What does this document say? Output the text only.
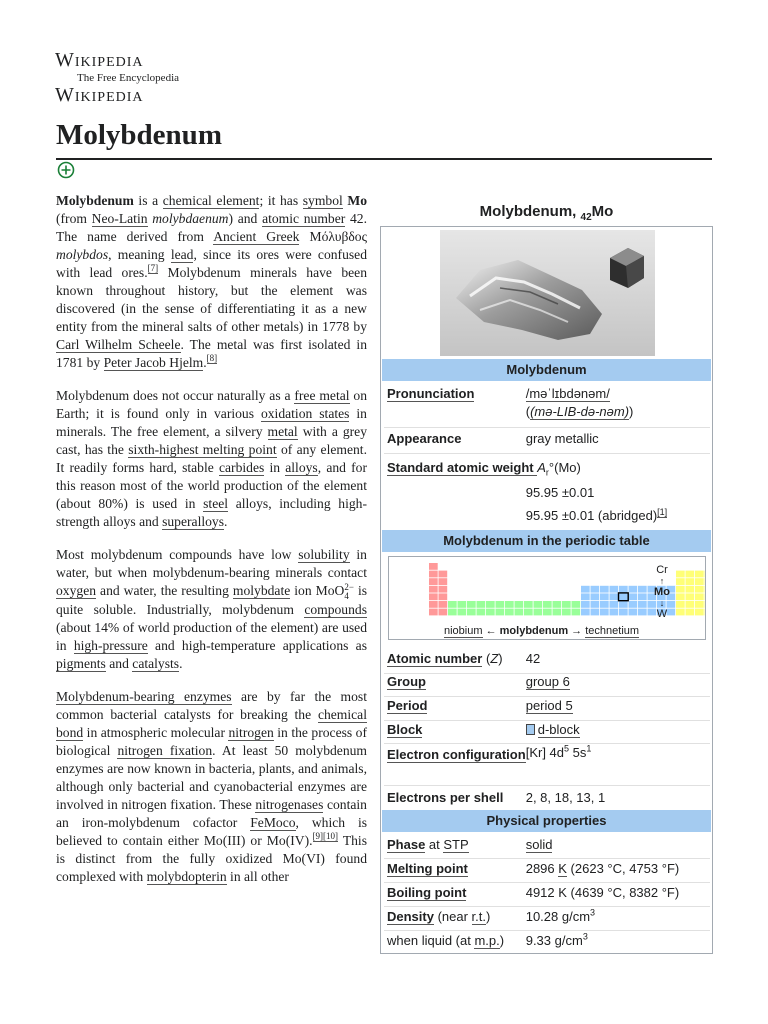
Wikipedia
The Free Encyclopedia
Wikipedia
Molybdenum

Molybdenum is a chemical element; it has symbol Mo (from Neo-Latin molybdaenum) and atomic number 42. The name derived from Ancient Greek Μόλυβδος molybdos, meaning lead, since its ores were confused with lead ores.[7] Molybdenum minerals have been known throughout history, but the element was discovered (in the sense of differentiating it as a new entity from the mineral salts of other metals) in 1778 by Carl Wilhelm Scheele. The metal was first isolated in 1781 by Peter Jacob Hjelm.[8]

Molybdenum does not occur naturally as a free metal on Earth; it is found only in various oxidation states in minerals. The free element, a silvery metal with a grey cast, has the sixth-highest melting point of any element. It readily forms hard, stable carbides in alloys, and for this reason most of the world production of the element (about 80%) is used in steel alloys, including high-strength alloys and superalloys.

Most molybdenum compounds have low solubility in water, but when molybdenum-bearing minerals contact oxygen and water, the resulting molybdate ion MoO2−
4 is quite soluble. Industrially, molybdenum compounds (about 14% of world production of the element) are used in high-pressure and high-temperature applications as pigments and catalysts.

Molybdenum-bearing enzymes are by far the most common bacterial catalysts for breaking the chemical bond in atmospheric molecular nitrogen in the process of biological nitrogen fixation. At least 50 molybdenum enzymes are now known in bacteria, plants, and animals, although only bacterial and cyanobacterial enzymes are involved in nitrogen fixation. These nitrogenases contain an iron-molybdenum cofactor FeMoco, which is believed to contain either Mo(III) or Mo(IV).[9][10] This is distinct from the fully oxidized Mo(VI) found complexed with molybdopterin in all other

Molybdenum, $_{42}$Mo
Molybdenum
Pronunciation	/məˈlɪbdənəm/
((mə-LIB-də-nəm))
Appearance	gray metallic
Standard atomic weight $A_r^\circ(Mo)$
95.95 ±0.01
95.95 ±0.01 (abridged)[1]
Molybdenum in the periodic table
Cr
↑
Mo
↓
W
niobium ← molybdenum → technetium
Atomic number (Z)	42
Group	group 6
Period	period 5
Block	d-block
Electron configuration [Kr] $4d^5$ $5s^1$
Electrons per shell	2, 8, 18, 13, 1
Physical properties
Phase at STP	solid
Melting point	2896 K (2623 °C, 4753 °F)
Boiling point	4912 K (4639 °C, 8382 °F)
Density (near r.t.)	10.28 $g/cm^3$
when liquid (at m.p.)	9.33 $g/cm^3$
